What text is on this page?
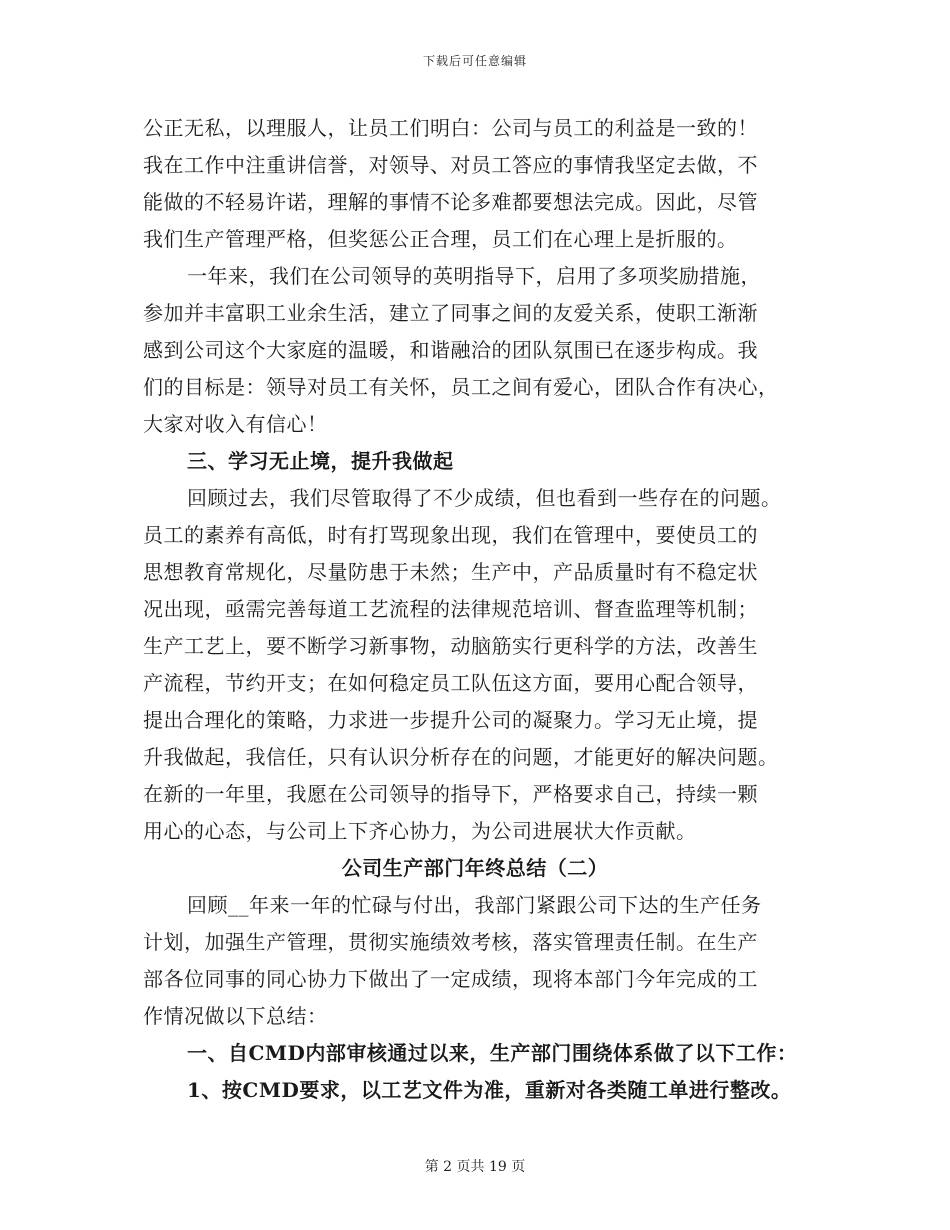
下载后可任意编辑
公正无私，以理服人，让员工们明白：公司与员工的利益是一致的！
我在工作中注重讲信誉，对领导、对员工答应的事情我坚定去做，不
能做的不轻易许诺，理解的事情不论多难都要想法完成。因此，尽管
我们生产管理严格，但奖惩公正合理，员工们在心理上是折服的。
一年来，我们在公司领导的英明指导下，启用了多项奖励措施，
参加并丰富职工业余生活，建立了同事之间的友爱关系，使职工渐渐
感到公司这个大家庭的温暖，和谐融洽的团队氛围已在逐步构成。我
们的目标是：领导对员工有关怀，员工之间有爱心，团队合作有决心，
大家对收入有信心！
三、学习无止境，提升我做起
回顾过去，我们尽管取得了不少成绩，但也看到一些存在的问题。
员工的素养有高低，时有打骂现象出现，我们在管理中，要使员工的
思想教育常规化，尽量防患于未然；生产中，产品质量时有不稳定状
况出现，亟需完善每道工艺流程的法律规范培训、督查监理等机制；
生产工艺上，要不断学习新事物，动脑筋实行更科学的方法，改善生
产流程，节约开支；在如何稳定员工队伍这方面，要用心配合领导，
提出合理化的策略，力求进一步提升公司的凝聚力。学习无止境，提
升我做起，我信任，只有认识分析存在的问题，才能更好的解决问题。
在新的一年里，我愿在公司领导的指导下，严格要求自己，持续一颗
用心的心态，与公司上下齐心协力，为公司进展状大作贡献。
公司生产部门年终总结（二）
回顾__年来一年的忙碌与付出，我部门紧跟公司下达的生产任务
计划，加强生产管理，贯彻实施绩效考核，落实管理责任制。在生产
部各位同事的同心协力下做出了一定成绩，现将本部门今年完成的工
作情况做以下总结：
一、自CMD内部审核通过以来，生产部门围绕体系做了以下工作：
1、按CMD要求，以工艺文件为准，重新对各类随工单进行整改。
第 2 页共 19 页
